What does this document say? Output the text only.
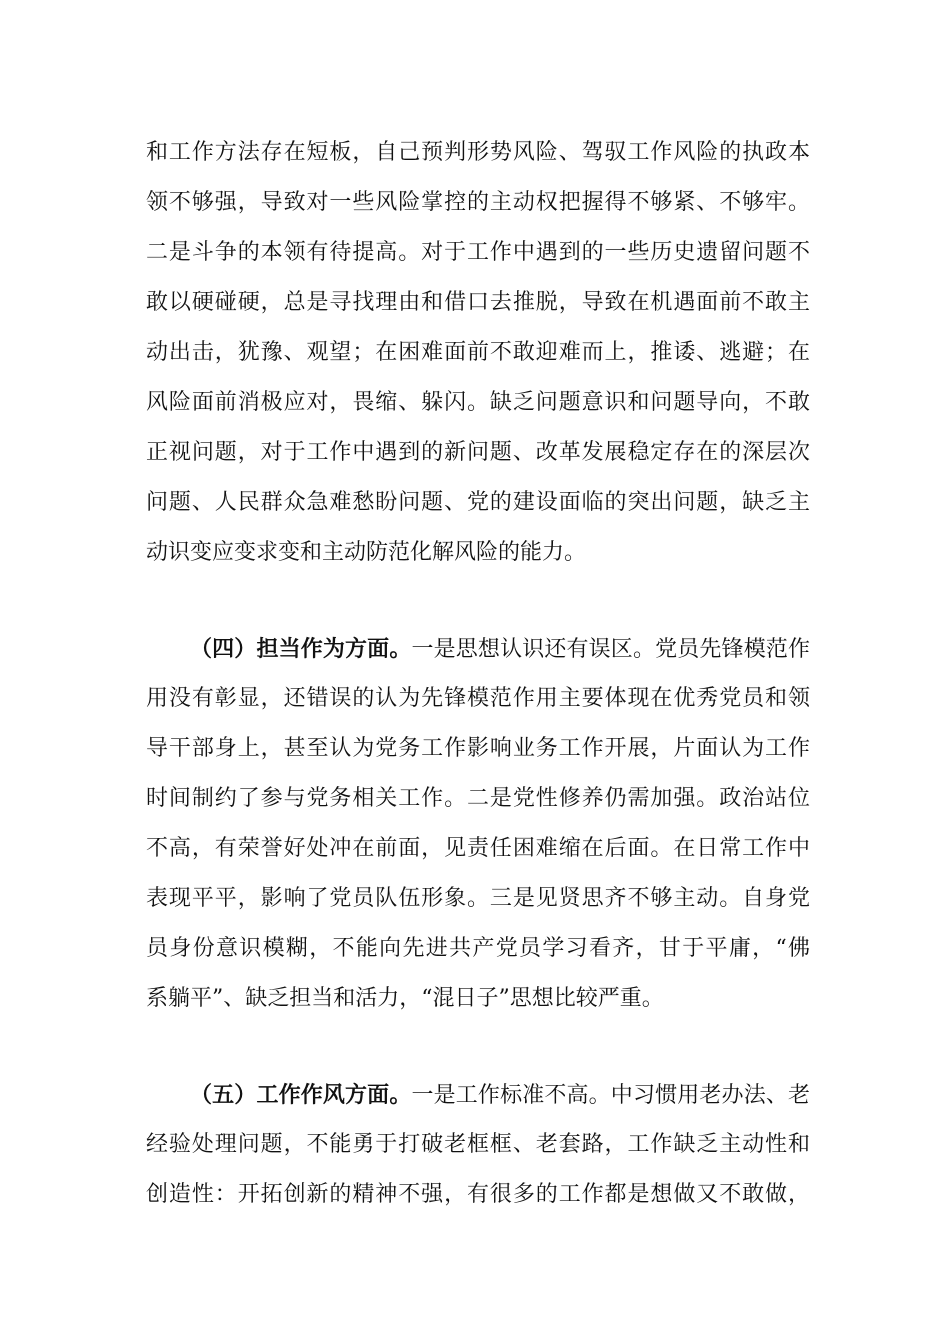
和工作方法存在短板，自己预判形势风险、驾驭工作风险的执政本
领不够强，导致对一些风险掌控的主动权把握得不够紧、不够牢。
二是斗争的本领有待提高。对于工作中遇到的一些历史遗留问题不
敢以硬碰硬，总是寻找理由和借口去推脱，导致在机遇面前不敢主
动出击，犹豫、观望；在困难面前不敢迎难而上，推诿、逃避；在
风险面前消极应对，畏缩、躲闪。缺乏问题意识和问题导向，不敢
正视问题，对于工作中遇到的新问题、改革发展稳定存在的深层次
问题、人民群众急难愁盼问题、党的建设面临的突出问题，缺乏主
动识变应变求变和主动防范化解风险的能力。
（四）担当作为方面。一是思想认识还有误区。党员先锋模范作
用没有彰显，还错误的认为先锋模范作用主要体现在优秀党员和领
导干部身上，甚至认为党务工作影响业务工作开展，片面认为工作
时间制约了参与党务相关工作。二是党性修养仍需加强。政治站位
不高，有荣誉好处冲在前面，见责任困难缩在后面。在日常工作中
表现平平，影响了党员队伍形象。三是见贤思齐不够主动。自身党
员身份意识模糊，不能向先进共产党员学习看齐，甘于平庸，“佛
系躺平”、缺乏担当和活力，“混日子”思想比较严重。
（五）工作作风方面。一是工作标准不高。中习惯用老办法、老
经验处理问题，不能勇于打破老框框、老套路，工作缺乏主动性和
创造性：开拓创新的精神不强，有很多的工作都是想做又不敢做，
